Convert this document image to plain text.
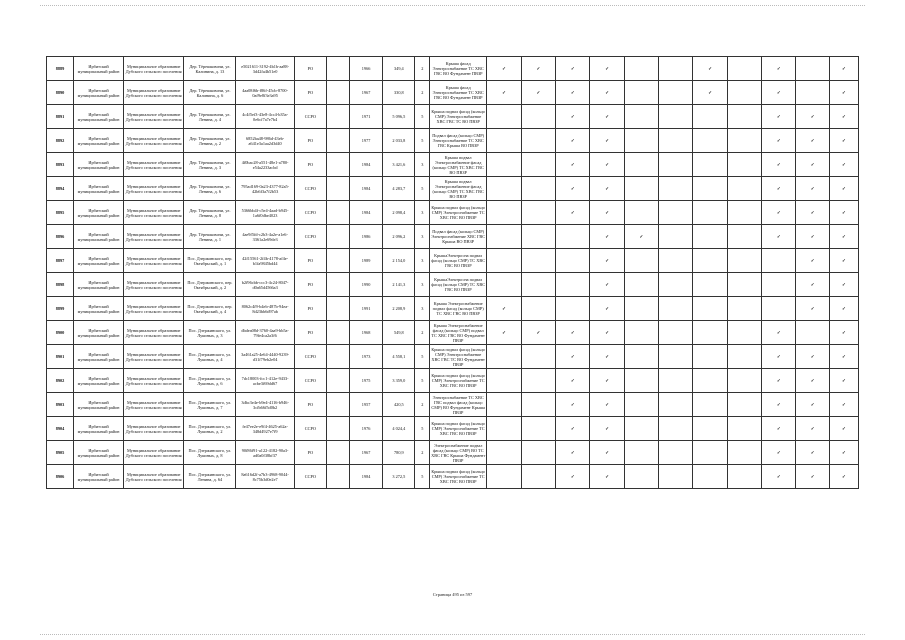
8889	Ирбитский муниципальный район	Муниципальное образование Дубского сельского поселения	Дер. Тёрешковичи, ул. Калинина, д. 13	e5021611-3192-4b1b-aa88-3d42fa4b51e0	РО		1966	349,4	2	Крыша фасад Электроснабжение ТС ХВС ГВС ВО Фундамент ПВЗР	✓	✓	✓	✓			✓		✓		✓
8890	Ирбитский муниципальный район	Муниципальное образование Дубского сельского поселения	Дер. Тёрешковичи, ул. Калинина, д. 6	4aa08f6b-f86f-45cb-8700-0af9e8f3e3a95	РО		1967	330,8	2	Крыша фасад Электроснабжение ТС ХВС ГВС ВО Фундамент ПВЗР	✓	✓	✓	✓			✓		✓		✓
8891	Ирбитский муниципальный район	Муниципальное образование Дубского сельского поселения	Дер. Тёрешковичи, ул. Ленина, д. 4	4c4f5ef3-43e8-4cc4-b35a-0e6cf7a7e7b4	ССРО		1971	5 096,5	5	Крыша подвал фасад (кольцо СМР) Электроснабжение ХВС ГВС ТС ВО ПВЗР			✓	✓					✓	✓	✓
8892	Ирбитский муниципальный район	Муниципальное образование Дубского сельского поселения	Дер. Тёрешковичи, ул. Ленина, д. 2	6852ba48-986d-43eb-a641e3a1aa2d3d40	РО		1977	2 033,8	5	Подвал фасад (кольцо СМР) Электроснабжение ТС ХВС ГВС Крыша ВО ПВЗР			✓	✓					✓	✓	✓
8893	Ирбитский муниципальный район	Муниципальное образование Дубского сельского поселения	Дер. Тёрешковичи, ул. Ленина, д. 3	4f0bac28-a551-48e1-a780-e54a2233acbd	РО		1984	3 421,6	3	Крыша подвал Электроснабжение фасад (кольцо СМР) ТС ХВС ГВС ВО ПВЗР			✓	✓					✓	✓	✓
8894	Ирбитский муниципальный район	Муниципальное образование Дубского сельского поселения	Дер. Тёрешковичи, ул. Ленина, д. 6	795ad169-0a23-4377-82a5-42b6f3a7f2b53	ССРО		1984	4 283,7	5	Крыша подвал Электроснабжение фасад (кольцо СМР) ТС ХВС ГВС ВО ПВЗР			✓	✓					✓	✓	✓
8895	Ирбитский муниципальный район	Муниципальное образование Дубского сельского поселения	Дер. Тёрешковичи, ул. Ленина, д. 8	5366bb4f-c5e4-4aad-b945-1a6f0dbe4023	ССРО		1984	2 098,4	3	Крыша подвал фасад (кольцо СМР) Электроснабжение ТС ХВС ГВС ВО ПВЗР			✓	✓					✓	✓	✓
8896	Ирбитский муниципальный район	Муниципальное образование Дубского сельского поселения	Дер. Тёрешковичи, ул. Ленина, д. 1	4ae9f5fd-c2b3-4a2e-a1e6-3361a2e69de3	ССРО		1986	2 096,2	3	Подвал фасад (кольцо СМР) Электроснабжение ХВС ГВС Крыша ВО ПВЗР				✓	✓				✓	✓	✓
8897	Ирбитский муниципальный район	Муниципальное образование Дубского сельского поселения	Пос. Дзержинского, пер. Октябрьский, д. 1	42f15561-2f4b-4178-af4e-b1fa9845bd44	РО		1989	2 154,0	3	КрышаЭлектросна подвал фасад (кольцо СМР) ТС ХВС ГВС ВО ПВЗР				✓						✓	✓
8898	Ирбитский муниципальный район	Муниципальное образование Дубского сельского поселения	Пос. Дзержинского, пер. Октябрьский, д. 2	b2f96cbb-ccc3-4c24-8047-d0a65d4566a3	РО		1990	2 141,3	3	КрышаЭлектросна подвал фасад (кольцо СМР) ТС ХВС ГВС ВО ПВЗР				✓						✓	✓
8899	Ирбитский муниципальный район	Муниципальное образование Дубского сельского поселения	Пос. Дзержинского, пер. Октябрьский, д. 4	8062c4f9-b4eb-487b-94ea-8d23bb6d97ab	РО		1991	2 208,9	3	Крыша Электроснабжение подвал фасад (кольцо СМР) ТС ХВС ГВС ВО ПВЗР	✓			✓						✓	✓
8900	Ирбитский муниципальный район	Муниципальное образование Дубского сельского поселения	Пос. Дзержинского, ул. Лукиных, д. 3	dbdea08d-3760-4aa9-bb5a-79fe4ca2a3f6	РО		1968	549,8	2	Крыша Электроснабжение фасад (кольцо СМР) подвал ТС ХВС ГВС ВО Фундамент ПВЗР	✓	✓	✓	✓					✓		✓
8901	Ирбитский муниципальный район	Муниципальное образование Дубского сельского поселения	Пос. Дзержинского, ул. Лукиных, д. 4	3a461a25-4e64-4440-9239-d31f79eb2e04	ССРО		1973	4 558,1	5	Крыша подвал фасад (кольцо СМР) Электроснабжение ХВС ГВС ТС ВО Фундамент ПВЗР			✓	✓					✓	✓	✓
8902	Ирбитский муниципальный район	Муниципальное образование Дубского сельского поселения	Пос. Дзержинского, ул. Лукиных, д. 6	7dc18003-fcc1-412e-9433-acbe3f69dd67	ССРО		1975	3 359,0	5	Крыша подвал фасад (кольцо СМР) Электроснабжение ТС ХВС ГВС ВО ПВЗР			✓	✓					✓	✓	✓
8903	Ирбитский муниципальный район	Муниципальное образование Дубского сельского поселения	Пос. Дзержинского, ул. Лукиных, д. 7	3dbc3e4e-b9e4-4116-b946-3cfb66f5d0b2	РО		1957	420,5	2	Электроснабжение ТС ХВС ГВС подвал фасад (кольцо СМР) ВО Фундамент Крыша ПВЗР			✓	✓					✓	✓	✓
8904	Ирбитский муниципальный район	Муниципальное образование Дубского сельского поселения	Пос. Дзержинского, ул. Лукиных, д. 2	fe47ee2e-e9f4-4625-a62a-348d4927e7f9	ССРО		1976	4 024,4	5	Крыша подвал фасад (кольцо СМР) Электроснабжение ТС ХВС ГВС ВО ПВЗР			✓	✓					✓	✓	✓
8905	Ирбитский муниципальный район	Муниципальное образование Дубского сельского поселения	Пос. Дзержинского, ул. Лукиных, д. 8	90f86f91-a122-4182-90a3-ad0a0f38bf37	РО		1967	780,9	2	Электроснабжение подвал фасад (кольцо СМР) ВО ТС ХВС ГВС Крыша Фундамент ПВЗР			✓	✓					✓	✓	✓
8906	Ирбитский муниципальный район	Муниципальное образование Дубского сельского поселения	Пос. Дзержинского, ул. Ленина, д. 64	8a616d2f-a7b3-4968-9044-8c75b3d0e2e7	ССРО		1984	3 272,5	5	Крыша подвал фасад (кольцо СМР) Электроснабжение ТС ХВС ГВС ВО ПВЗР			✓	✓					✓	✓	✓
Страница 495 из 597
